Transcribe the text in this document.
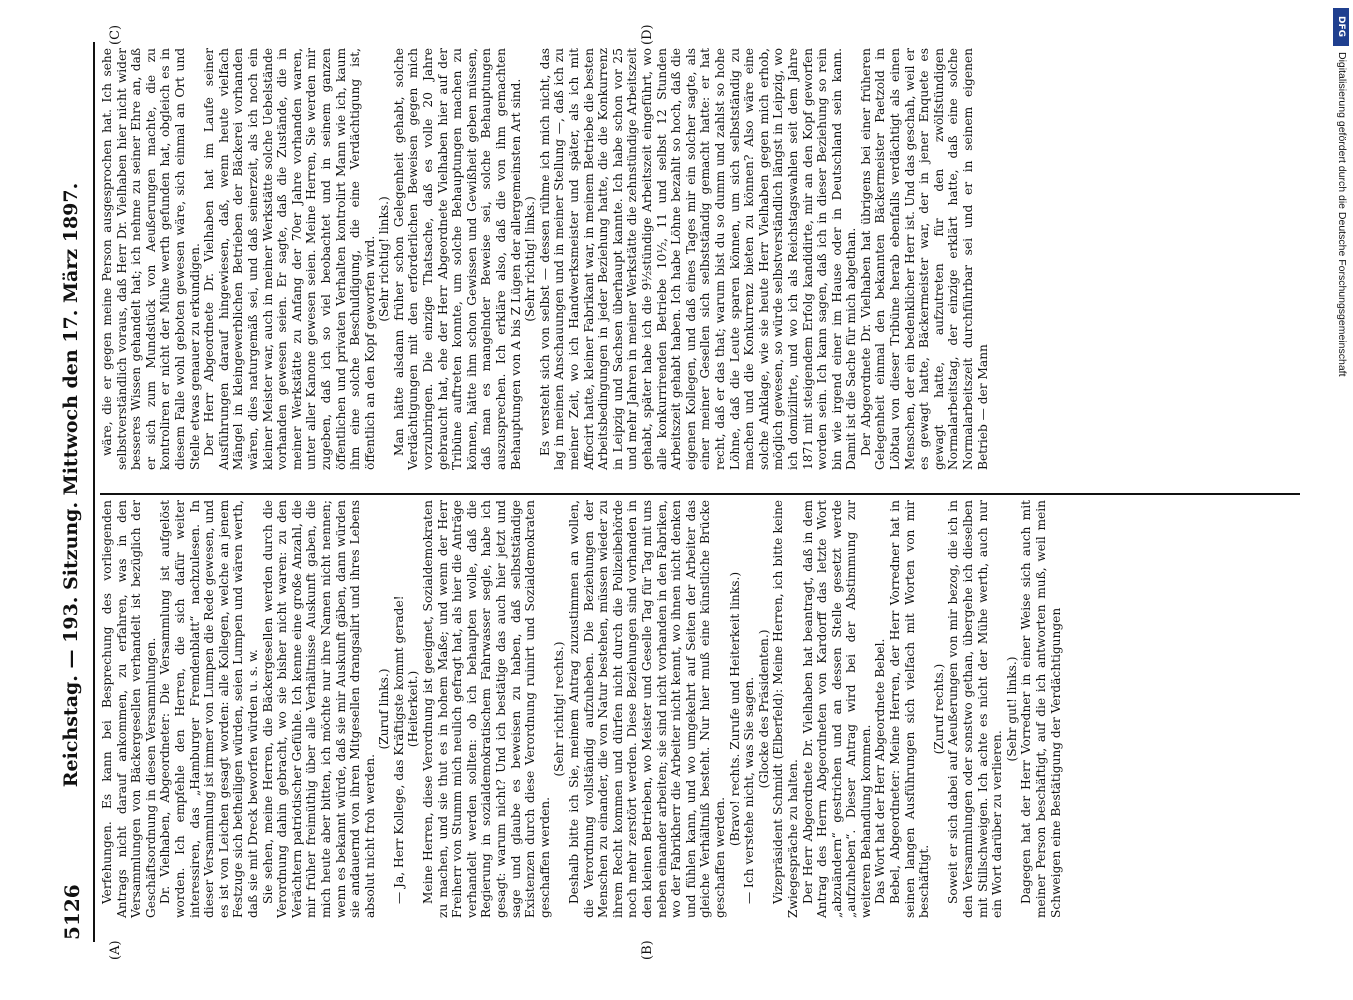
5126
Reichstag. — 193. Sitzung. Mittwoch den 17. März 1897.
(A)	(B)
(C)	(D)

Verfehungen. Es kann bei Besprechung des vorliegenden Antrags nicht darauf ankommen, zu erfahren, was in den Versammlungen von Bäckergesellen verhandelt ist bezüglich der Geschäftsordnung in diesen Versammlungen. Dr. Vielhaben, Abgeordneter: Die Versammlung ist aufgelöst worden. Ich empfehle den Herren, die sich dafür weiter interessiren, das „Hamburger Fremdenblatt“ nachzulesen. In dieser Versammlung ist immer von Lumpen die Rede gewesen, und es ist von Leichen gesagt worden: alle Kollegen, welche an jenem Festzuge sich betheiligen würden, seien Lumpen und wären werth, daß sie mit Dreck beworfen würden u. s. w. Sie sehen, meine Herren, die Bäckergesellen werden durch die Verordnung dahin gebracht, wo sie bisher nicht waren: zu den Verächtern patriotischer Gefühle. Ich kenne eine große Anzahl, die mir früher freimüthig über alle Verhältnisse Auskunft gaben, die mich heute aber bitten, ich möchte nur ihre Namen nicht nennen; wenn es bekannt würde, daß sie mir Auskunft gäben, dann würden sie andauernd von ihren Mitgesellen drangsalirt und ihres Lebens absolut nicht froh werden.

(Zuruf links.) — Ja, Herr Kollege, das Kräftigste kommt gerade! (Heiterkeit.) Meine Herren, diese Verordnung ist geeignet, Sozialdemokraten zu machen, und sie thut es in hohem Maße; und wenn der Herr Freiherr von Stumm mich neulich gefragt hat, als hier die Anträge verhandelt werden sollten: ob ich behaupten wolle, daß die Regierung in sozialdemokratischem Fahrwasser segle, habe ich gesagt: warum nicht? Und ich bestätige das auch hier jetzt und sage und glaube es beweisen zu haben, daß selbstständige Existenzen durch diese Verordnung ruinirt und Sozialdemokraten geschaffen werden.

(Sehr richtig! rechts.) Deshalb bitte ich Sie, meinem Antrag zuzustimmen an wollen, die Verordnung vollständig aufzuheben. Die Beziehungen der Menschen zu einander, die von Natur bestehen, müssen wieder zu ihrem Recht kommen und dürfen nicht durch die Polizeibehörde noch mehr zerstört werden. Diese Beziehungen sind vorhanden in den kleinen Betrieben, wo Meister und Geselle Tag für Tag mit uns neben einander arbeiten; sie sind nicht vorhanden in den Fabriken, wo der Fabrikherr die Arbeiter nicht kennt, wo ihnen nicht denken und fühlen kann, und wo umgekehrt auf Seiten der Arbeiter das gleiche Verhältniß besteht. Nur hier muß eine künstliche Brücke geschaffen werden.

(Bravo! rechts. Zurufe und Heiterkeit links.) — Ich verstehe nicht, was Sie sagen. (Glocke des Präsidenten.) Vizepräsident Schmidt (Elberfeld): Meine Herren, ich bitte keine Zwiegespräche zu halten. Der Herr Abgeordnete Dr. Vielhaben hat beantragt, daß in dem Antrag des Herrn Abgeordneten von Kardorff das letzte Wort „abzuändern“ gestrichen und an dessen Stelle gesetzt werde „aufzuheben“. Dieser Antrag wird bei der Abstimmung zur weiteren Behandlung kommen. Das Wort hat der Herr Abgeordnete Bebel. Bebel, Abgeordneter: Meine Herren, der Herr Vorredner hat in seinen langen Ausführungen sich vielfach mit Worten von mir beschäftigt.

(Zuruf rechts.) Soweit er sich dabei auf Aeußerungen von mir bezog, die ich in den Versammlungen oder sonstwo gethan, übergehe ich dieselben mit Stillschweigen. Ich achte es nicht der Mühe werth, auch nur ein Wort darüber zu verlieren.

(Sehr gut! links.) Dagegen hat der Herr Vorredner in einer Weise sich auch mit meiner Person beschäftigt, auf die ich antworten muß, weil mein Schweigen eine Bestätigung der Verdächtigungen

wäre, die er gegen meine Person ausgesprochen hat. Ich sehe selbstverständlich voraus, daß Herr Dr. Vielhaben hier nicht wider besseres Wissen gehandelt hat; ich nehme zu seiner Ehre an, daß er sich zum Mundstück von Aeußerungen machte, die zu kontroliren er nicht der Mühe werth gefunden hat, obgleich es in diesem Falle wohl geboten gewesen wäre, sich einmal an Ort und Stelle etwas genauer zu erkundigen. Der Herr Abgeordnete Dr. Vielhaben hat im Laufe seiner Ausführungen darauf hingewiesen, daß, wenn heute vielfach Mängel in kleingewerblichen Betrieben der Bäckerei vorhanden wären, dies naturgemäß sei, und daß seinerzeit, als ich noch ein kleiner Meister war, auch in meiner Werkstätte solche Uebelstände vorhanden gewesen seien. Er sagte, daß die Zustände, die in meiner Werkstätte zu Anfang der 70er Jahre vorhanden waren, unter aller Kanone gewesen seien. Meine Herren, Sie werden mir zugeben, daß ich so viel beobachtet und in seinem ganzen öffentlichen und privaten Verhalten kontrolirt Mann wie ich, kaum ihm eine solche Beschuldigung, die eine Verdächtigung ist, öffentlich an den Kopf geworfen wird. (Sehr richtig! links.) Man hätte alsdann früher schon Gelegenheit gehabt, solche Verdächtigungen mit den erforderlichen Beweisen gegen mich vorzubringen. Die einzige Thatsache, daß es volle 20 Jahre gebraucht hat, ehe der Herr Abgeordnete Vielhaben hier auf der Tribüne auftreten konnte, um solche Behauptungen machen zu können, hätte ihm schon Gewissen und Gewißheit geben müssen, daß man es mangelnder Beweise sei, solche Behauptungen auszusprechen. Ich erkläre also, daß die von ihm gemachten Behauptungen von A bis Z Lügen der allergemeinsten Art sind. (Sehr richtig! links.) Es versteht sich von selbst — dessen rühme ich mich nicht, das lag in meinen Anschauungen und in meiner Stellung —, daß ich zu meiner Zeit, wo ich Handwerksmeister und später, als ich mit Affocirt hatte, kleiner Fabrikant war, in meinem Betriebe die besten Arbeitsbedingungen in jeder Beziehung hatte, die die Konkurrenz in Leipzig und Sachsen überhaupt kannte. Ich habe schon vor 25 und mehr Jahren in meiner Werkstätte die zehnstündige Arbeitszeit gehabt, später habe ich die 9½stündige Arbeitszeit eingeführt, wo alle konkurrirenden Betriebe 10½, 11 und selbst 12 Stunden Arbeitszeit gehabt haben. Ich habe Löhne bezahlt so hoch, daß die eigenen Kollegen, und daß eines Tages mir ein solcher sagte, als einer meiner Gesellen sich selbstständig gemacht hatte: er hat recht, daß er das that; warum bist du so dumm und zahlst so hohe Löhne, daß die Leute sparen können, um sich selbstständig zu machen und die Konkurrenz bieten zu können? Also wäre eine solche Anklage, wie sie heute Herr Vielhaben gegen mich erhob, möglich gewesen, so würde selbstverständlich längst in Leipzig, wo ich domizilirte, und wo ich als Reichstagswahlen seit dem Jahre 1871 mit steigendem Erfolg kandidirte, mir an den Kopf geworfen worden sein. Ich kann sagen, daß ich in dieser Beziehung so rein bin wie irgend einer im Hause oder in Deutschland sein kann. Damit ist die Sache für mich abgethan. Der Abgeordnete Dr. Vielhaben hat übrigens bei einer früheren Gelegenheit einmal den bekannten Bäckermeister Paetzold in Löbtau von dieser Tribüne herab ebenfalls verdächtigt als einen Menschen, der ein bedenklicher Herr ist. Und das geschah, weil er es gewagt hatte, Bäckermeister war, der in jener Enquete es gewagt hatte, aufzutreten für den zwölfstündigen Normalarbeitstag, der einzige erklärt hatte, daß eine solche Normalarbeitszeit durchführbar sei und er in seinem eigenen Betrieb — der Mann

DFG
Digitalisierung gefördert durch die Deutsche Forschungsgemeinschaft
